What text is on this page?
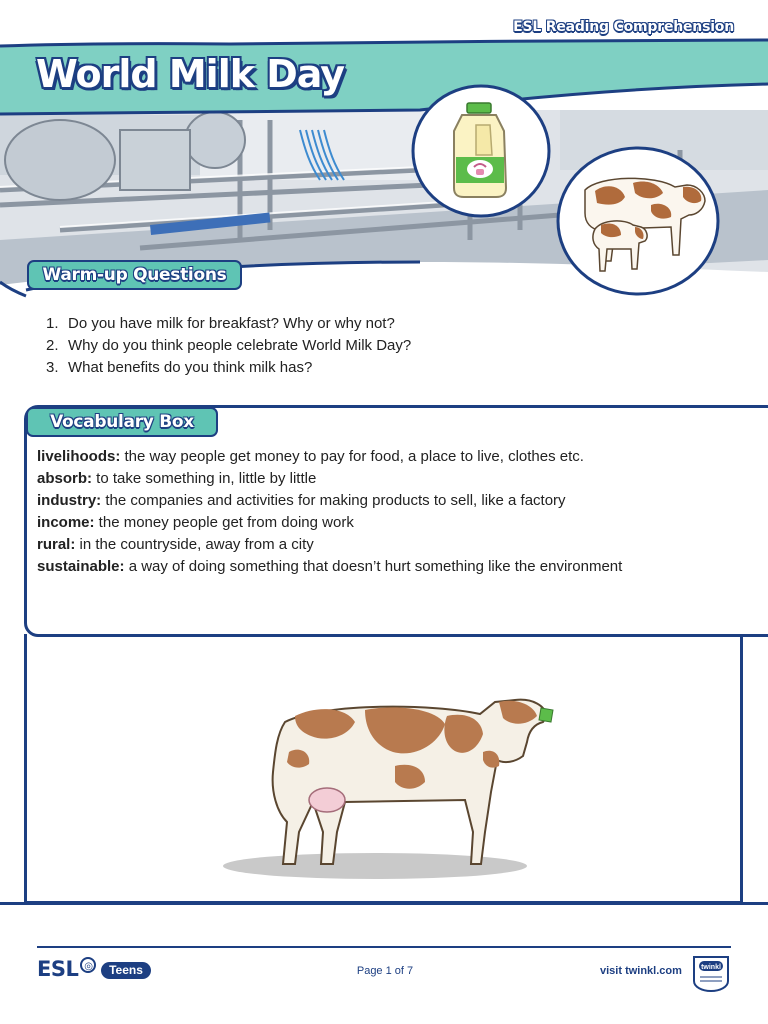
ESL Reading Comprehension
World Milk Day
Warm-up Questions
1. Do you have milk for breakfast? Why or why not?
2. Why do you think people celebrate World Milk Day?
3. What benefits do you think milk has?
Vocabulary Box
livelihoods: the way people get money to pay for food, a place to live, clothes etc.
absorb: to take something in, little by little
industry: the companies and activities for making products to sell, like a factory
income: the money people get from doing work
rural: in the countryside, away from a city
sustainable: a way of doing something that doesn’t hurt something like the environment
ESL ◎	Teens	Page 1 of 7	visit twinkl.com	twinkl
